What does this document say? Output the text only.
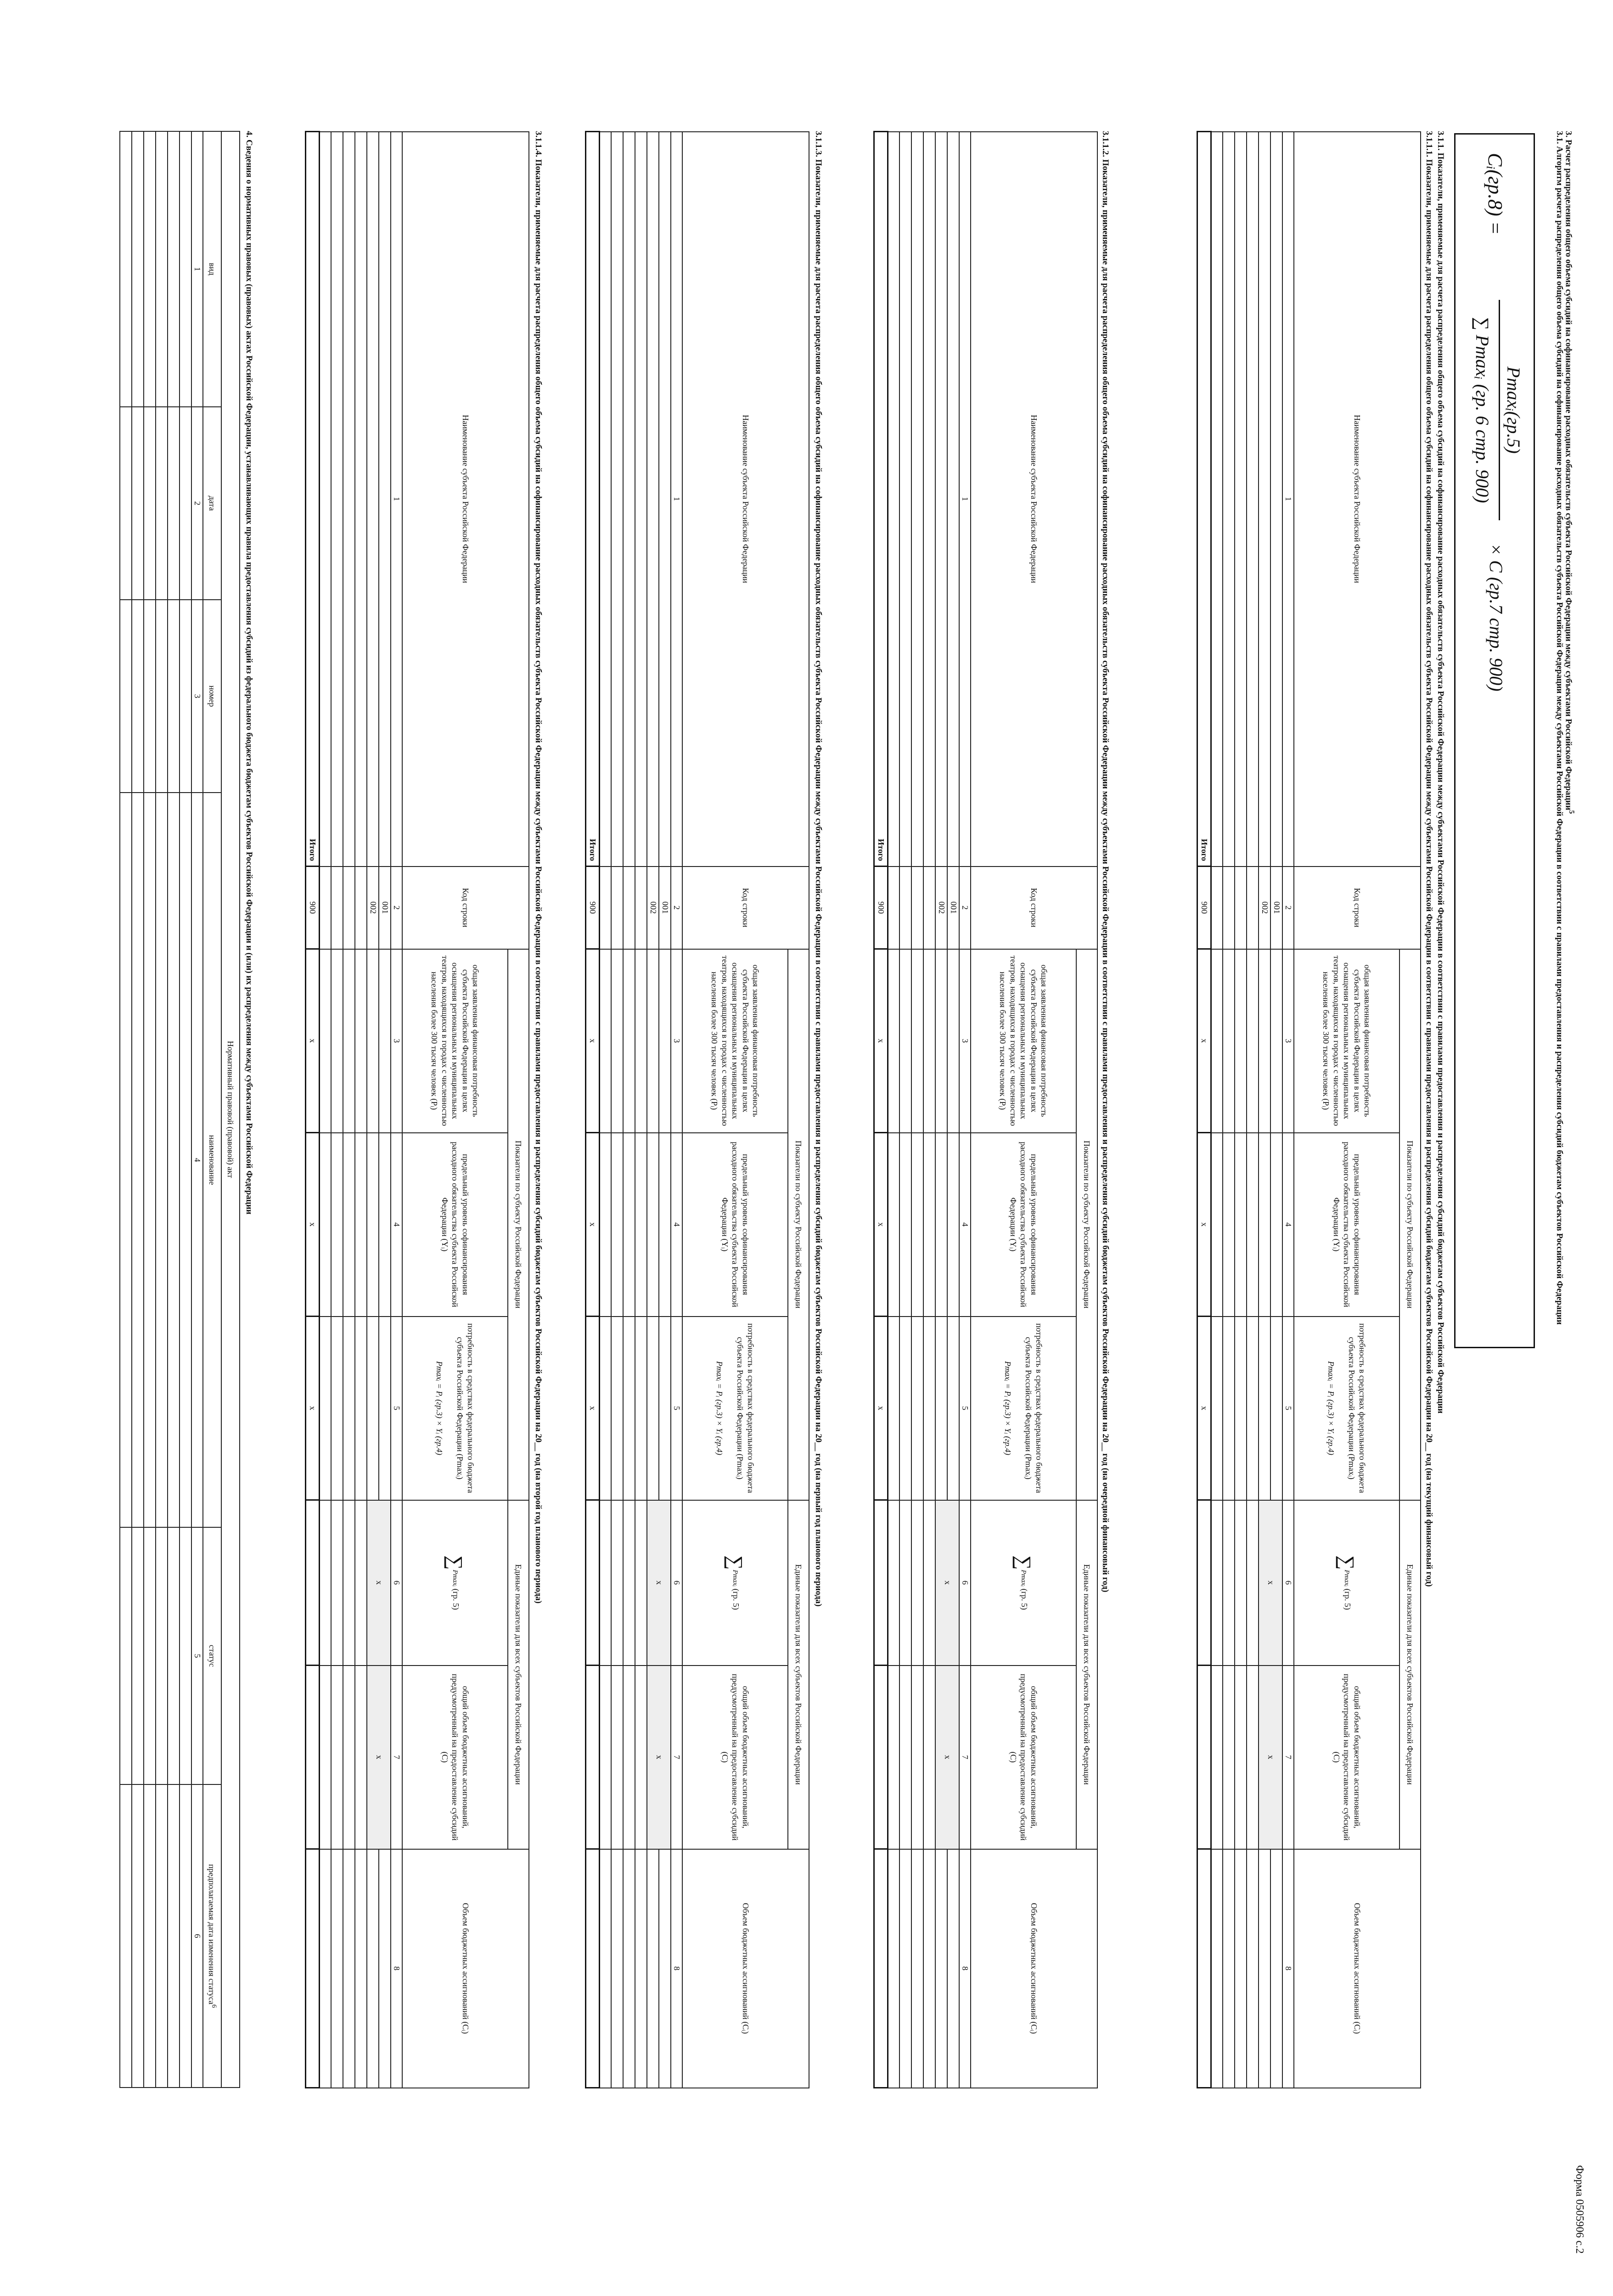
Форма 0505906 с.2
3. Расчет распределения общего объема субсидий на софинансирование расходных обязательств субъекта Российской Федерации между субъектами Российской Федерации$^5$
3.1. Алгоритм расчета распределения общего объема субсидий на софинансирование расходных обязательств субъекта Российской Федерации между субъектами Российской Федерации в соответствии с правилами предоставления и распределения субсидий бюджетам субъектов Российской Федерации
Cᵢ(гр.8) =
Pmaxᵢ(гр.5)
∑ Pmaxᵢ (гр. 6 стр. 900)
× C (гр.7 стр. 900)
3.1.1. Показатели, применяемые для расчета распределения общего объема субсидий на софинансирование расходных обязательств субъекта Российской Федерации между субъектами Российской Федерации в соответствии с правилами предоставления и распределения субсидий бюджетам субъектов Российской Федерации
3.1.1.1. Показатели, применяемые для расчета распределения общего объема субсидий на софинансирование расходных обязательств субъекта Российской Федерации между субъектами Российской Федерации в соответствии с правилами предоставления и распределения субсидий бюджетам субъектов Российской Федерации на 20__ год (на текущий финансовый год)
Наименование субъекта Российской Федерации	Код строки	Показатели по субъекту Российской Федерации			Единые показатели для всех субъектов Российской Федерации		Объем бюджетных ассигнований (Cᵢ)
		общая заявленная финансовая потребность субъекта Российской Федерации в целях оснащения региональных и муниципальных театров, находящихся в городах с численностью населения более 300 тысяч человек (Pᵢ)	предельный уровень софинансирования расходного обязательства субъекта Российской Федерации (Yᵢ)	потребность в средствах федерального бюджета субъекта Российской Федерации (Pmaxᵢ)

Pmaxᵢ = Pᵢ (гр.3) × Yᵢ (гр.4)	∑Pmaxᵢ (гр. 5)	общий объем бюджетных ассигнований, предусмотренный на предоставление субсидий (C)	
1	2	3	4	5	6	7	8
	001				x	x	
	002						

Итого	900	x	x	x			
3.1.1.2. Показатели, применяемые для расчета распределения общего объема субсидий на софинансирование расходных обязательств субъекта Российской Федерации между субъектами Российской Федерации в соответствии с правилами предоставления и распределения субсидий бюджетам субъектов Российской Федерации на 20__ год (на очередной финансовый год)
Наименование субъекта Российской Федерации	Код строки	Показатели по субъекту Российской Федерации			Единые показатели для всех субъектов Российской Федерации		Объем бюджетных ассигнований (Cᵢ)
		общая заявленная финансовая потребность субъекта Российской Федерации в целях оснащения региональных и муниципальных театров, находящихся в городах с численностью населения более 300 тысяч человек (Pᵢ)	предельный уровень софинансирования расходного обязательства субъекта Российской Федерации (Yᵢ)	потребность в средствах федерального бюджета субъекта Российской Федерации (Pmaxᵢ)

Pmaxᵢ = Pᵢ (гр.3) × Yᵢ (гр.4)	∑Pmaxᵢ (гр. 5)	общий объем бюджетных ассигнований, предусмотренный на предоставление субсидий (C)	
1	2	3	4	5	6	7	8
	001				x	x	
	002						

Итого	900	x	x	x			
3.1.1.3. Показатели, применяемые для расчета распределения общего объема субсидий на софинансирование расходных обязательств субъекта Российской Федерации между субъектами Российской Федерации в соответствии с правилами предоставления и распределения субсидий бюджетам субъектов Российской Федерации на 20__ год (на первый год планового периода)
Наименование субъекта Российской Федерации	Код строки	Показатели по субъекту Российской Федерации			Единые показатели для всех субъектов Российской Федерации		Объем бюджетных ассигнований (Cᵢ)
		общая заявленная финансовая потребность субъекта Российской Федерации в целях оснащения региональных и муниципальных театров, находящихся в городах с численностью населения более 300 тысяч человек (Pᵢ)	предельный уровень софинансирования расходного обязательства субъекта Российской Федерации (Yᵢ)	потребность в средствах федерального бюджета субъекта Российской Федерации (Pmaxᵢ)

Pmaxᵢ = Pᵢ (гр.3) × Yᵢ (гр.4)	∑Pmaxᵢ (гр. 5)	общий объем бюджетных ассигнований, предусмотренный на предоставление субсидий (C)	
1	2	3	4	5	6	7	8
	001				x	x	
	002						

Итого	900	x	x	x			
3.1.1.4. Показатели, применяемые для расчета распределения общего объема субсидий на софинансирование расходных обязательств субъекта Российской Федерации между субъектами Российской Федерации в соответствии с правилами предоставления и распределения субсидий бюджетам субъектов Российской Федерации на 20__ год (на второй год планового периода)
Наименование субъекта Российской Федерации	Код строки	Показатели по субъекту Российской Федерации			Единые показатели для всех субъектов Российской Федерации		Объем бюджетных ассигнований (Cᵢ)
		общая заявленная финансовая потребность субъекта Российской Федерации в целях оснащения региональных и муниципальных театров, находящихся в городах с численностью населения более 300 тысяч человек (Pᵢ)	предельный уровень софинансирования расходного обязательства субъекта Российской Федерации (Yᵢ)	потребность в средствах федерального бюджета субъекта Российской Федерации (Pmaxᵢ)

Pmaxᵢ = Pᵢ (гр.3) × Yᵢ (гр.4)	∑Pmaxᵢ (гр. 5)	общий объем бюджетных ассигнований, предусмотренный на предоставление субсидий (C)	
1	2	3	4	5	6	7	8
	001				x	x	
	002						

Итого	900	x	x	x			
4. Сведения о нормативных правовых (правовых) актах Российской Федерации, устанавливающих правила предоставления субсидий из федерального бюджета бюджетам субъектов Российской Федерации и (или) их распределения между субъектами Российской Федерации
Нормативный правовой (правовой) акт					
вид	дата	номер	наименование	статус	предполагаемая дата изменения статуса$^6$
1	2	3	4	5	6
